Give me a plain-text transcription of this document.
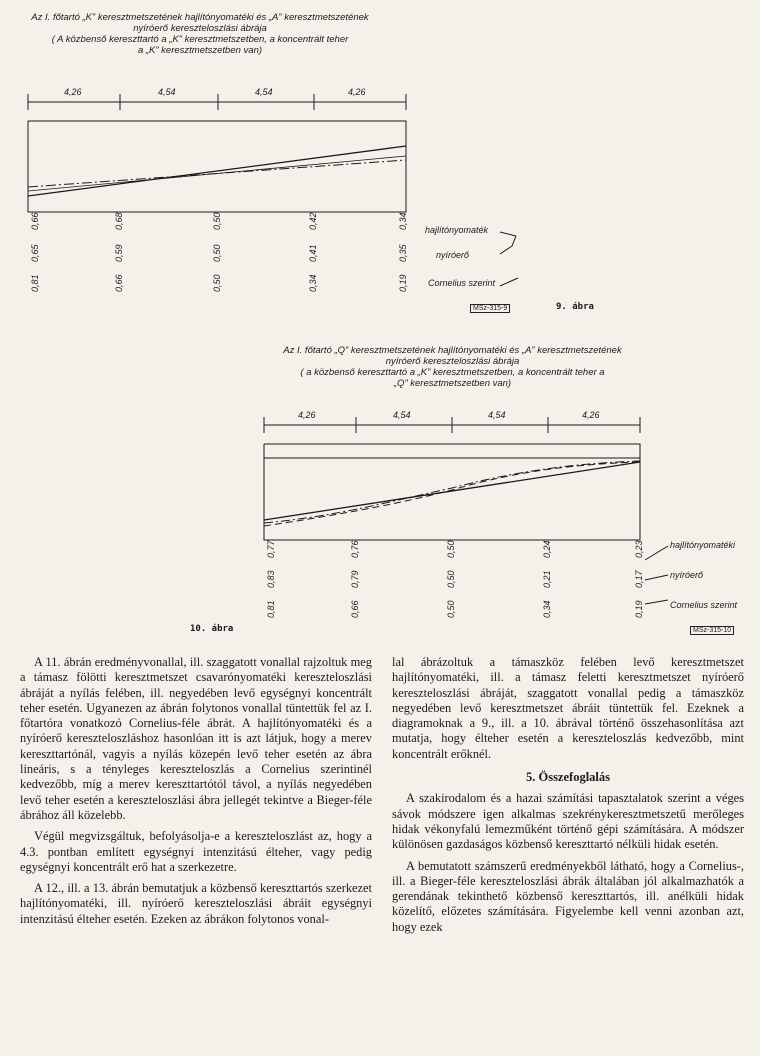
Az I. főtartó „K” keresztmetszetének hajlítónyomatéki és „A” keresztmetszetének
nyíróerő kereszteloszlási ábrája
( A közbenső kereszttartó a „K” keresztmetszetben, a koncentrált teher
a „K” keresztmetszetben van)
4,26	4,54	4,54	4,26
0,66
0,65
0,81
0,68
0,59
0,66
0,50
0,50
0,50
0,42
0,41
0,34
0,34
0,35
0,19
hajlítónyomaték
nyíróerő
Cornelius szerint
MSz-315-9	9. ábra
Az I. főtartó „Q” keresztmetszetének hajlítónyomatéki és „A” keresztmetszetének
nyíróerő kereszteloszlási ábrája
( a közbenső kereszttartó a „K” keresztmetszetben, a koncentrált teher a
„Q” keresztmetszetben van)
4,26	4,54	4,54	4,26
0,77
0,83
0,81
0,76
0,79
0,66
0,50
0,50
0,50
0,24
0,21
0,34
0,23
0,17
0,19
hajlítónyomatéki
nyíróerő
Cornelius szerint
10. ábra	MSz-315-10

A 11. ábrán eredményvonallal, ill. szaggatott vonallal rajzoltuk meg a támasz fölötti keresztmetszet csavarónyomatéki kereszteloszlási ábráját a nyílás felében, ill. negyedében levő egységnyi koncentrált teher esetén. Ugyanezen az ábrán folytonos vonallal tüntettük fel az I. főtartóra vonatkozó Cornelius-féle ábrát. A hajlítónyomatéki és a nyíróerő kereszteloszláshoz hasonlóan itt is azt látjuk, hogy a merev kereszttartónál, vagyis a nyílás közepén levő teher esetén az ábra lineáris, s a tényleges kereszteloszlás a Cornelius szerintinél kedvezőbb, míg a merev kereszttartótól távol, a nyílás negyedében levő teher esetén a kereszteloszlási ábra jellegét tekintve a Bieger-féle ábrához áll közelebb.

Végül megvizsgáltuk, befolyásolja-e a kereszteloszlást az, hogy a 4.3. pontban említett egységnyi intenzitású élteher, vagy pedig egységnyi koncentrált erő hat a szerkezetre.

A 12., ill. a 13. ábrán bemutatjuk a közbenső kereszttartós szerkezet hajlítónyomatéki, ill. nyíróerő kereszteloszlási ábráit egységnyi intenzitású élteher esetén. Ezeken az ábrákon folytonos vonal-

lal ábrázoltuk a támaszköz felében levő keresztmetszet hajlítónyomatéki, ill. a támasz feletti keresztmetszet nyíróerő kereszteloszlási ábráját, szaggatott vonallal pedig a támaszköz negyedében levő keresztmetszet ábráit tüntettük fel. Ezeknek a diagramoknak a 9., ill. a 10. ábrával történő összehasonlítása azt mutatja, hogy élteher esetén a kereszteloszlás kedvezőbb, mint koncentrált erőknél.

5. Összefoglalás

A szakirodalom és a hazai számítási tapasztalatok szerint a véges sávok módszere igen alkalmas szekrénykeresztmetszetű merőleges hidak vékonyfalú lemezműként történő gépi számítására. A módszer különösen gazdaságos közbenső kereszttartó nélküli hidak esetén.

A bemutatott számszerű eredményekből látható, hogy a Cornelius-, ill. a Bieger-féle kereszteloszlási ábrák általában jól alkalmazhatók a gerendának tekinthető közbenső kereszttartós, ill. anélküli hidak közelítő, előzetes számítására. Figyelembe kell venni azonban azt, hogy ezek
